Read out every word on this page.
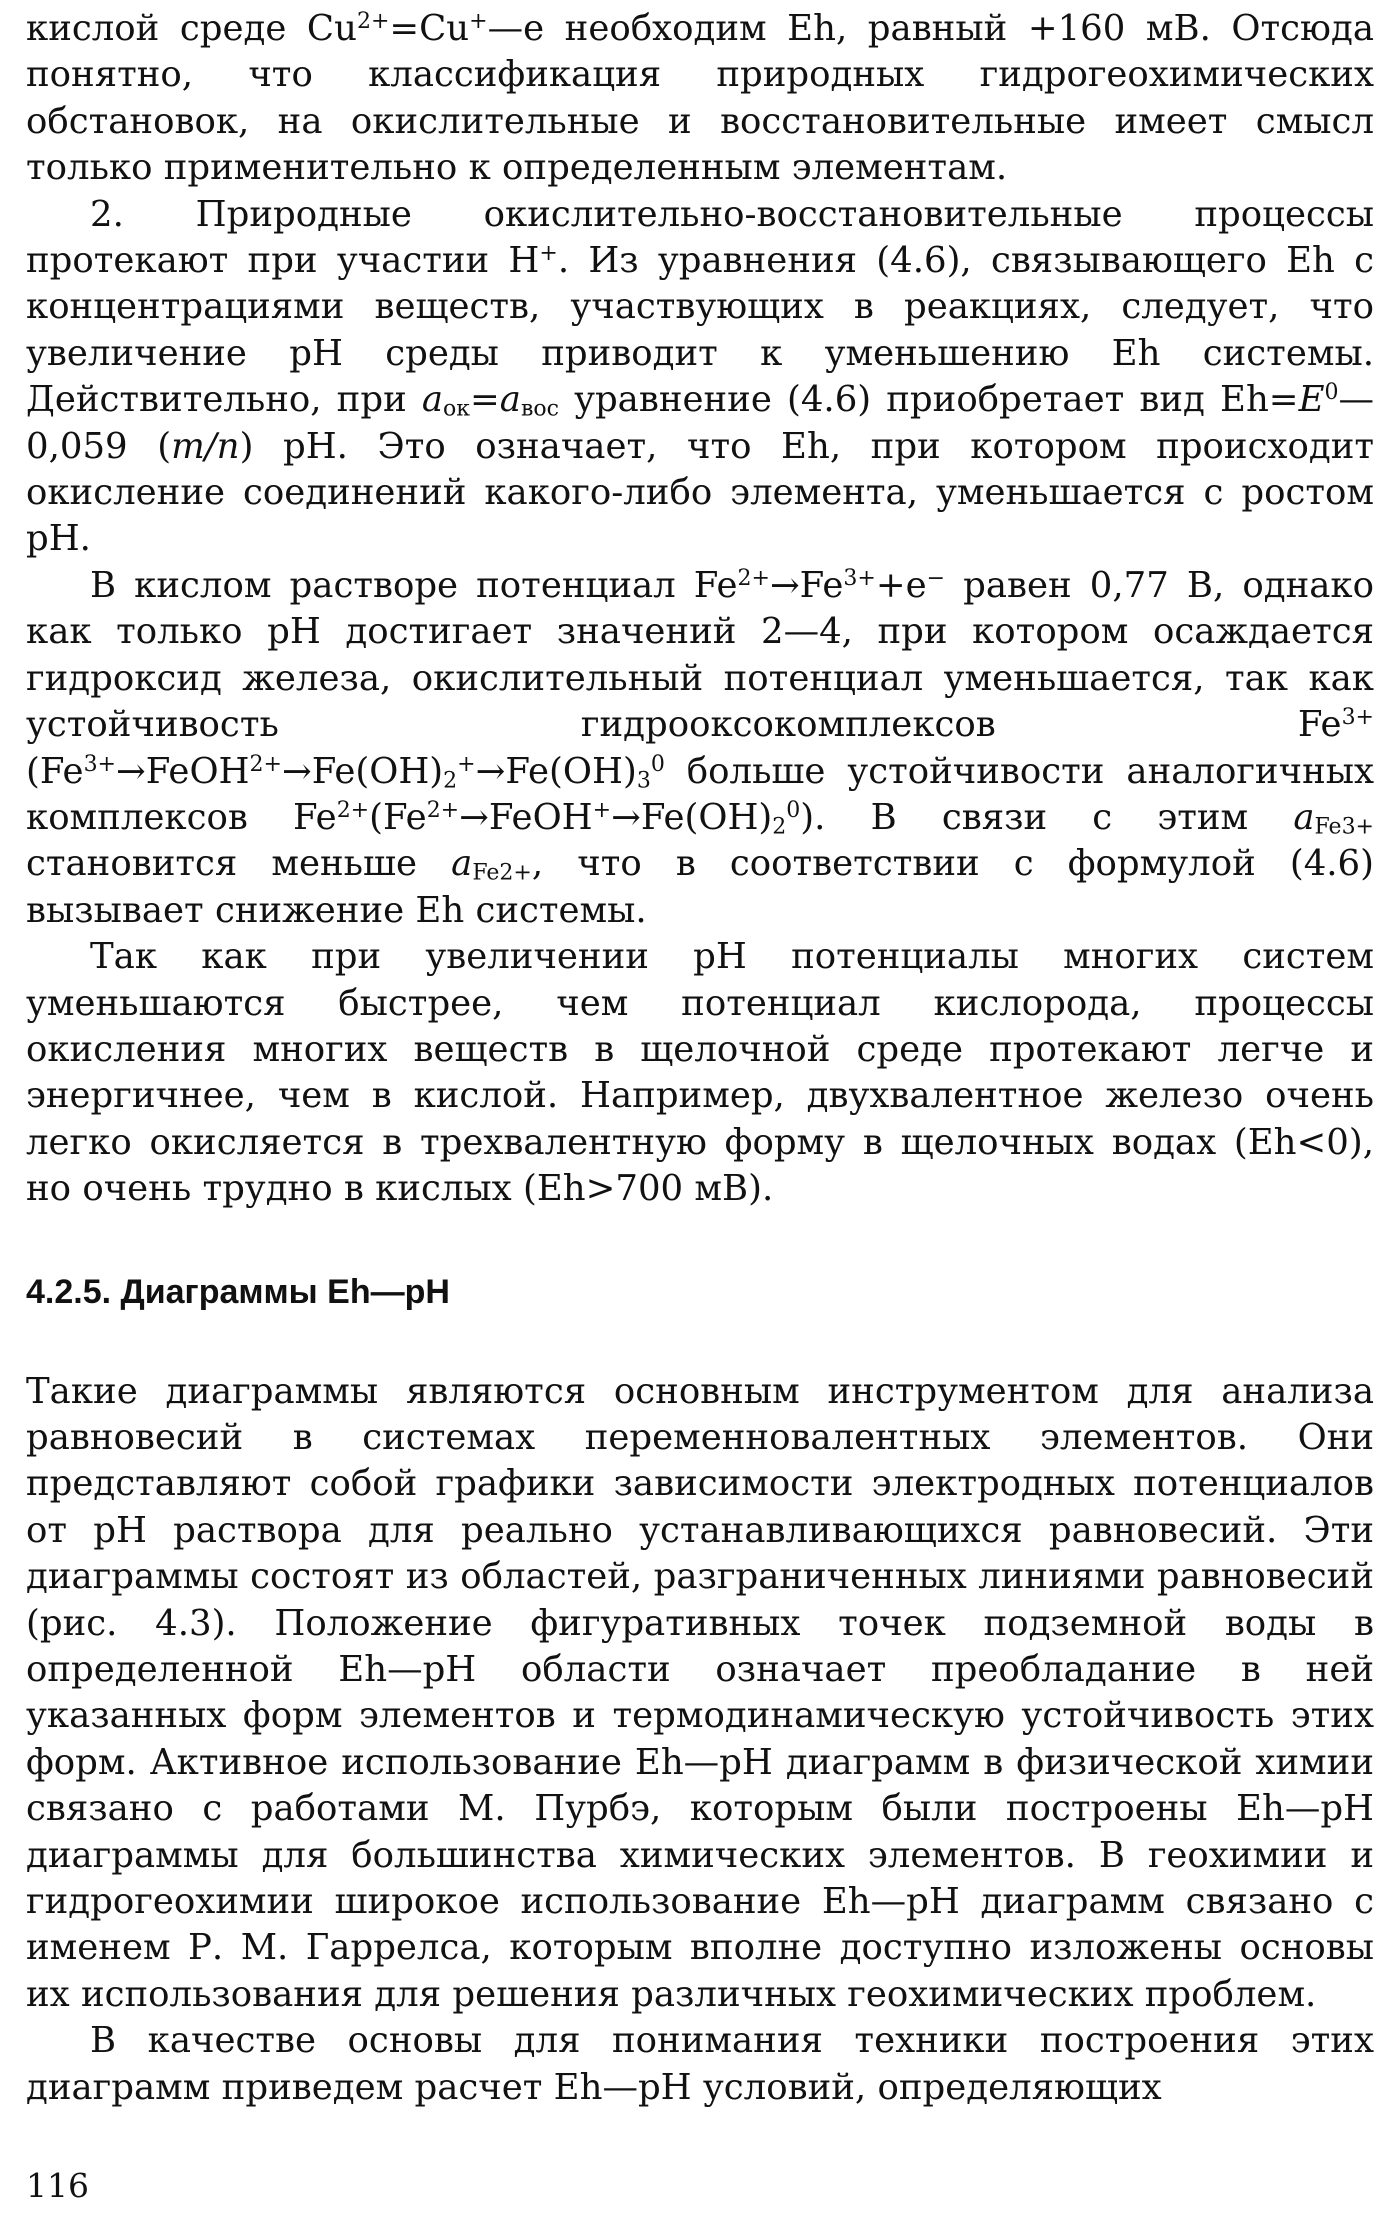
кислой среде $Cu^{2+}=Cu^+—e$ необходим Eh, равный +160 мВ. Отсюда понятно, что классификация природных гидрогеохимических обстановок, на окислительные и восстановительные имеет смысл только применительно к определенным элементам.

2. Природные окислительно-восстановительные процессы протекают при участии H+. Из уравнения (4.6), связывающего Eh с концентрациями веществ, участвующих в реакциях, следует, что увеличение pH среды приводит к уменьшению Eh системы. Действительно, при $a_{ок}=a_{вос}$ уравнение (4.6) приобретает вид $Eh=E^0—0,059$ (m/n) pH. Это означает, что Eh, при котором происходит окисление соединений какого-либо элемента, уменьшается с ростом pH.

В кислом растворе потенциал $Fe^{2+}\to Fe^{3+}+e^-$ равен 0,77 В, однако как только pH достигает значений 2—4, при котором осаждается гидроксид железа, окислительный потенциал уменьшается, так как устойчивость гидрооксокомплексов $Fe^{3+}(Fe^{3+}\to FeOH^{2+}\to Fe(OH)_2^+\to Fe(OH)_3^0$ больше устойчивости аналогичных комплексов $Fe^{2+}(Fe^{2+}\to FeOH^+\to Fe(OH)_2^0)$. В связи с этим $a_{Fe3+}$ становится меньше $a_{Fe2+}$, что в соответствии с формулой (4.6) вызывает снижение Eh системы.

Так как при увеличении pH потенциалы многих систем уменьшаются быстрее, чем потенциал кислорода, процессы окисления многих веществ в щелочной среде протекают легче и энергичнее, чем в кислой. Например, двухвалентное железо очень легко окисляется в трехвалентную форму в щелочных водах (Eh<0), но очень трудно в кислых (Eh>700 мВ).

4.2.5. Диаграммы Eh—pH

Такие диаграммы являются основным инструментом для анализа равновесий в системах переменновалентных элементов. Они представляют собой графики зависимости электродных потенциалов от pH раствора для реально устанавливающихся равновесий. Эти диаграммы состоят из областей, разграниченных линиями равновесий (рис. 4.3). Положение фигуративных точек подземной воды в определенной Eh—pH области означает преобладание в ней указанных форм элементов и термодинамическую устойчивость этих форм. Активное использование Eh—pH диаграмм в физической химии связано с работами М. Пурбэ, которым были построены Eh—pH диаграммы для большинства химических элементов. В геохимии и гидрогеохимии широкое использование Eh—pH диаграмм связано с именем Р. М. Гаррелса, которым вполне доступно изложены основы их использования для решения различных геохимических проблем.

В качестве основы для понимания техники построения этих диаграмм приведем расчет Eh—pH условий, определяющих

116
